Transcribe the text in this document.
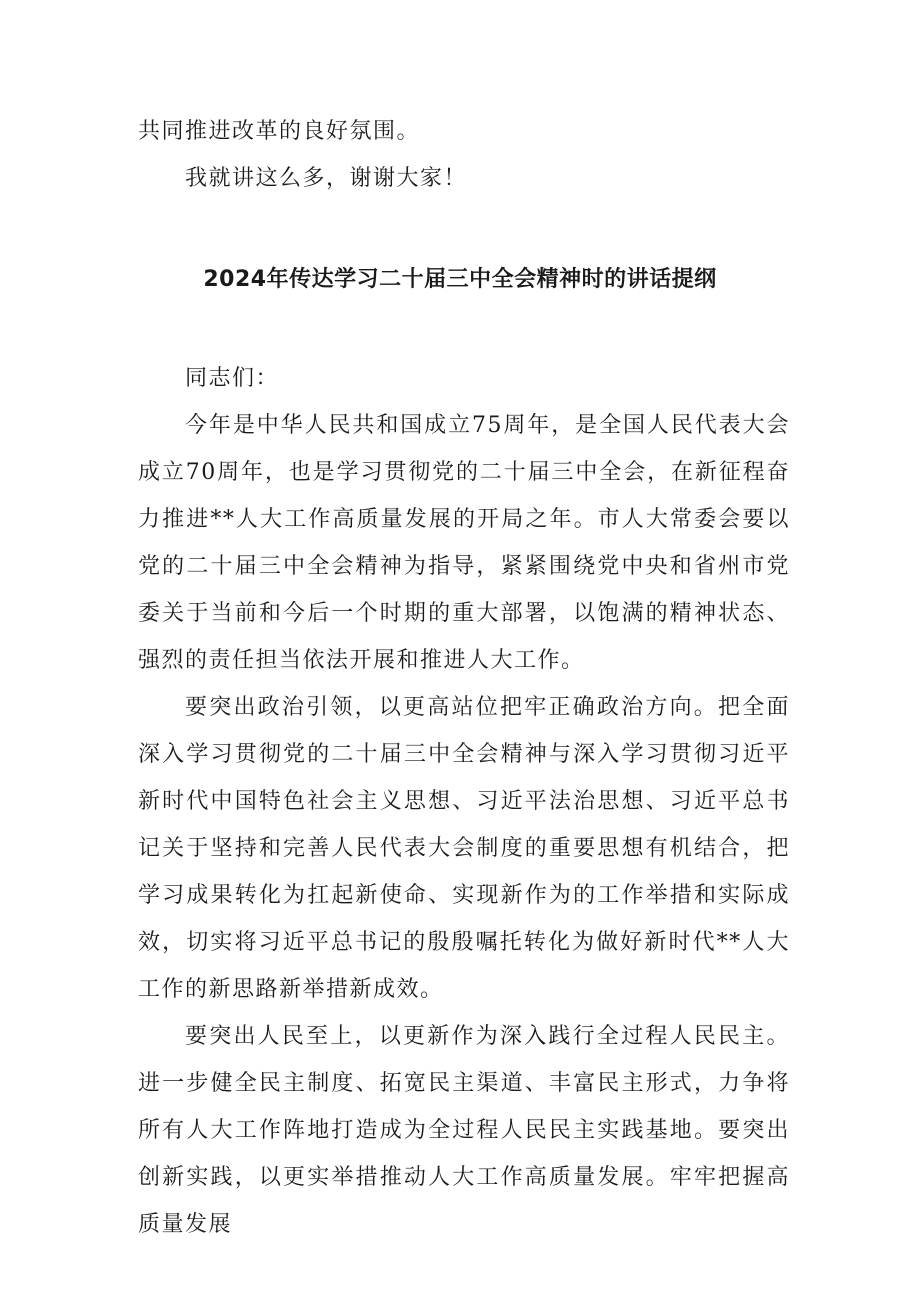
共同推进改革的良好氛围。

我就讲这么多，谢谢大家！

2024年传达学习二十届三中全会精神时的讲话提纲

同志们：

今年是中华人民共和国成立75周年，是全国人民代表大会成立70周年，也是学习贯彻党的二十届三中全会，在新征程奋力推进**人大工作高质量发展的开局之年。市人大常委会要以党的二十届三中全会精神为指导，紧紧围绕党中央和省州市党委关于当前和今后一个时期的重大部署，以饱满的精神状态、强烈的责任担当依法开展和推进人大工作。

要突出政治引领，以更高站位把牢正确政治方向。把全面深入学习贯彻党的二十届三中全会精神与深入学习贯彻习近平新时代中国特色社会主义思想、习近平法治思想、习近平总书记关于坚持和完善人民代表大会制度的重要思想有机结合，把学习成果转化为扛起新使命、实现新作为的工作举措和实际成效，切实将习近平总书记的殷殷嘱托转化为做好新时代**人大工作的新思路新举措新成效。

要突出人民至上，以更新作为深入践行全过程人民民主。进一步健全民主制度、拓宽民主渠道、丰富民主形式，力争将所有人大工作阵地打造成为全过程人民民主实践基地。要突出创新实践，以更实举措推动人大工作高质量发展。牢牢把握高质量发展
